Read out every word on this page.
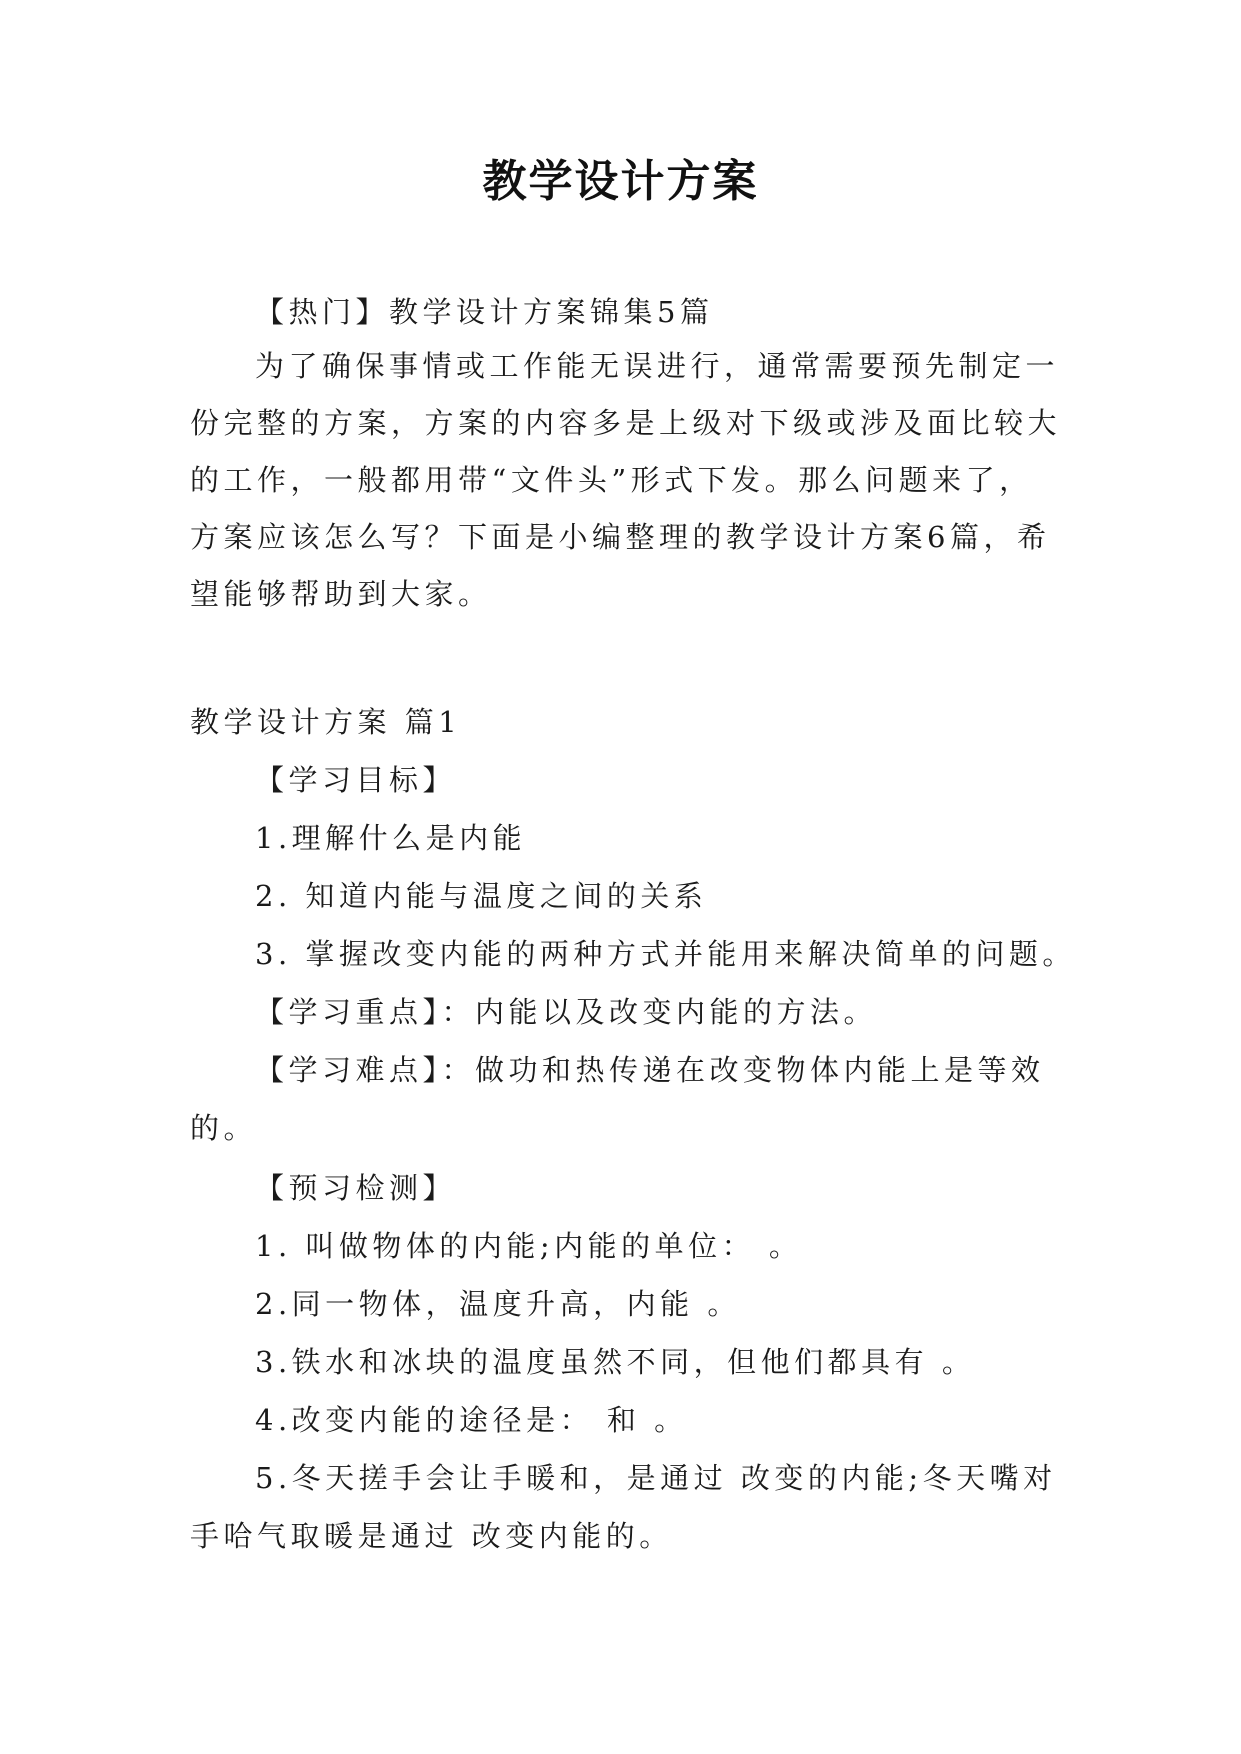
教学设计方案
【热门】教学设计方案锦集5篇
为了确保事情或工作能无误进行，通常需要预先制定一
份完整的方案，方案的内容多是上级对下级或涉及面比较大
的工作，一般都用带“文件头”形式下发。那么问题来了，
方案应该怎么写？下面是小编整理的教学设计方案6篇，希
望能够帮助到大家。
教学设计方案 篇1
【学习目标】
1.理解什么是内能
2. 知道内能与温度之间的关系
3. 掌握改变内能的两种方式并能用来解决简单的问题。
【学习重点】：内能以及改变内能的方法。
【学习难点】：做功和热传递在改变物体内能上是等效
的。
【预习检测】
1. 叫做物体的内能;内能的单位： 。
2.同一物体，温度升高，内能 。
3.铁水和冰块的温度虽然不同，但他们都具有 。
4.改变内能的途径是： 和 。
5.冬天搓手会让手暖和，是通过 改变的内能;冬天嘴对
手哈气取暖是通过 改变内能的。
